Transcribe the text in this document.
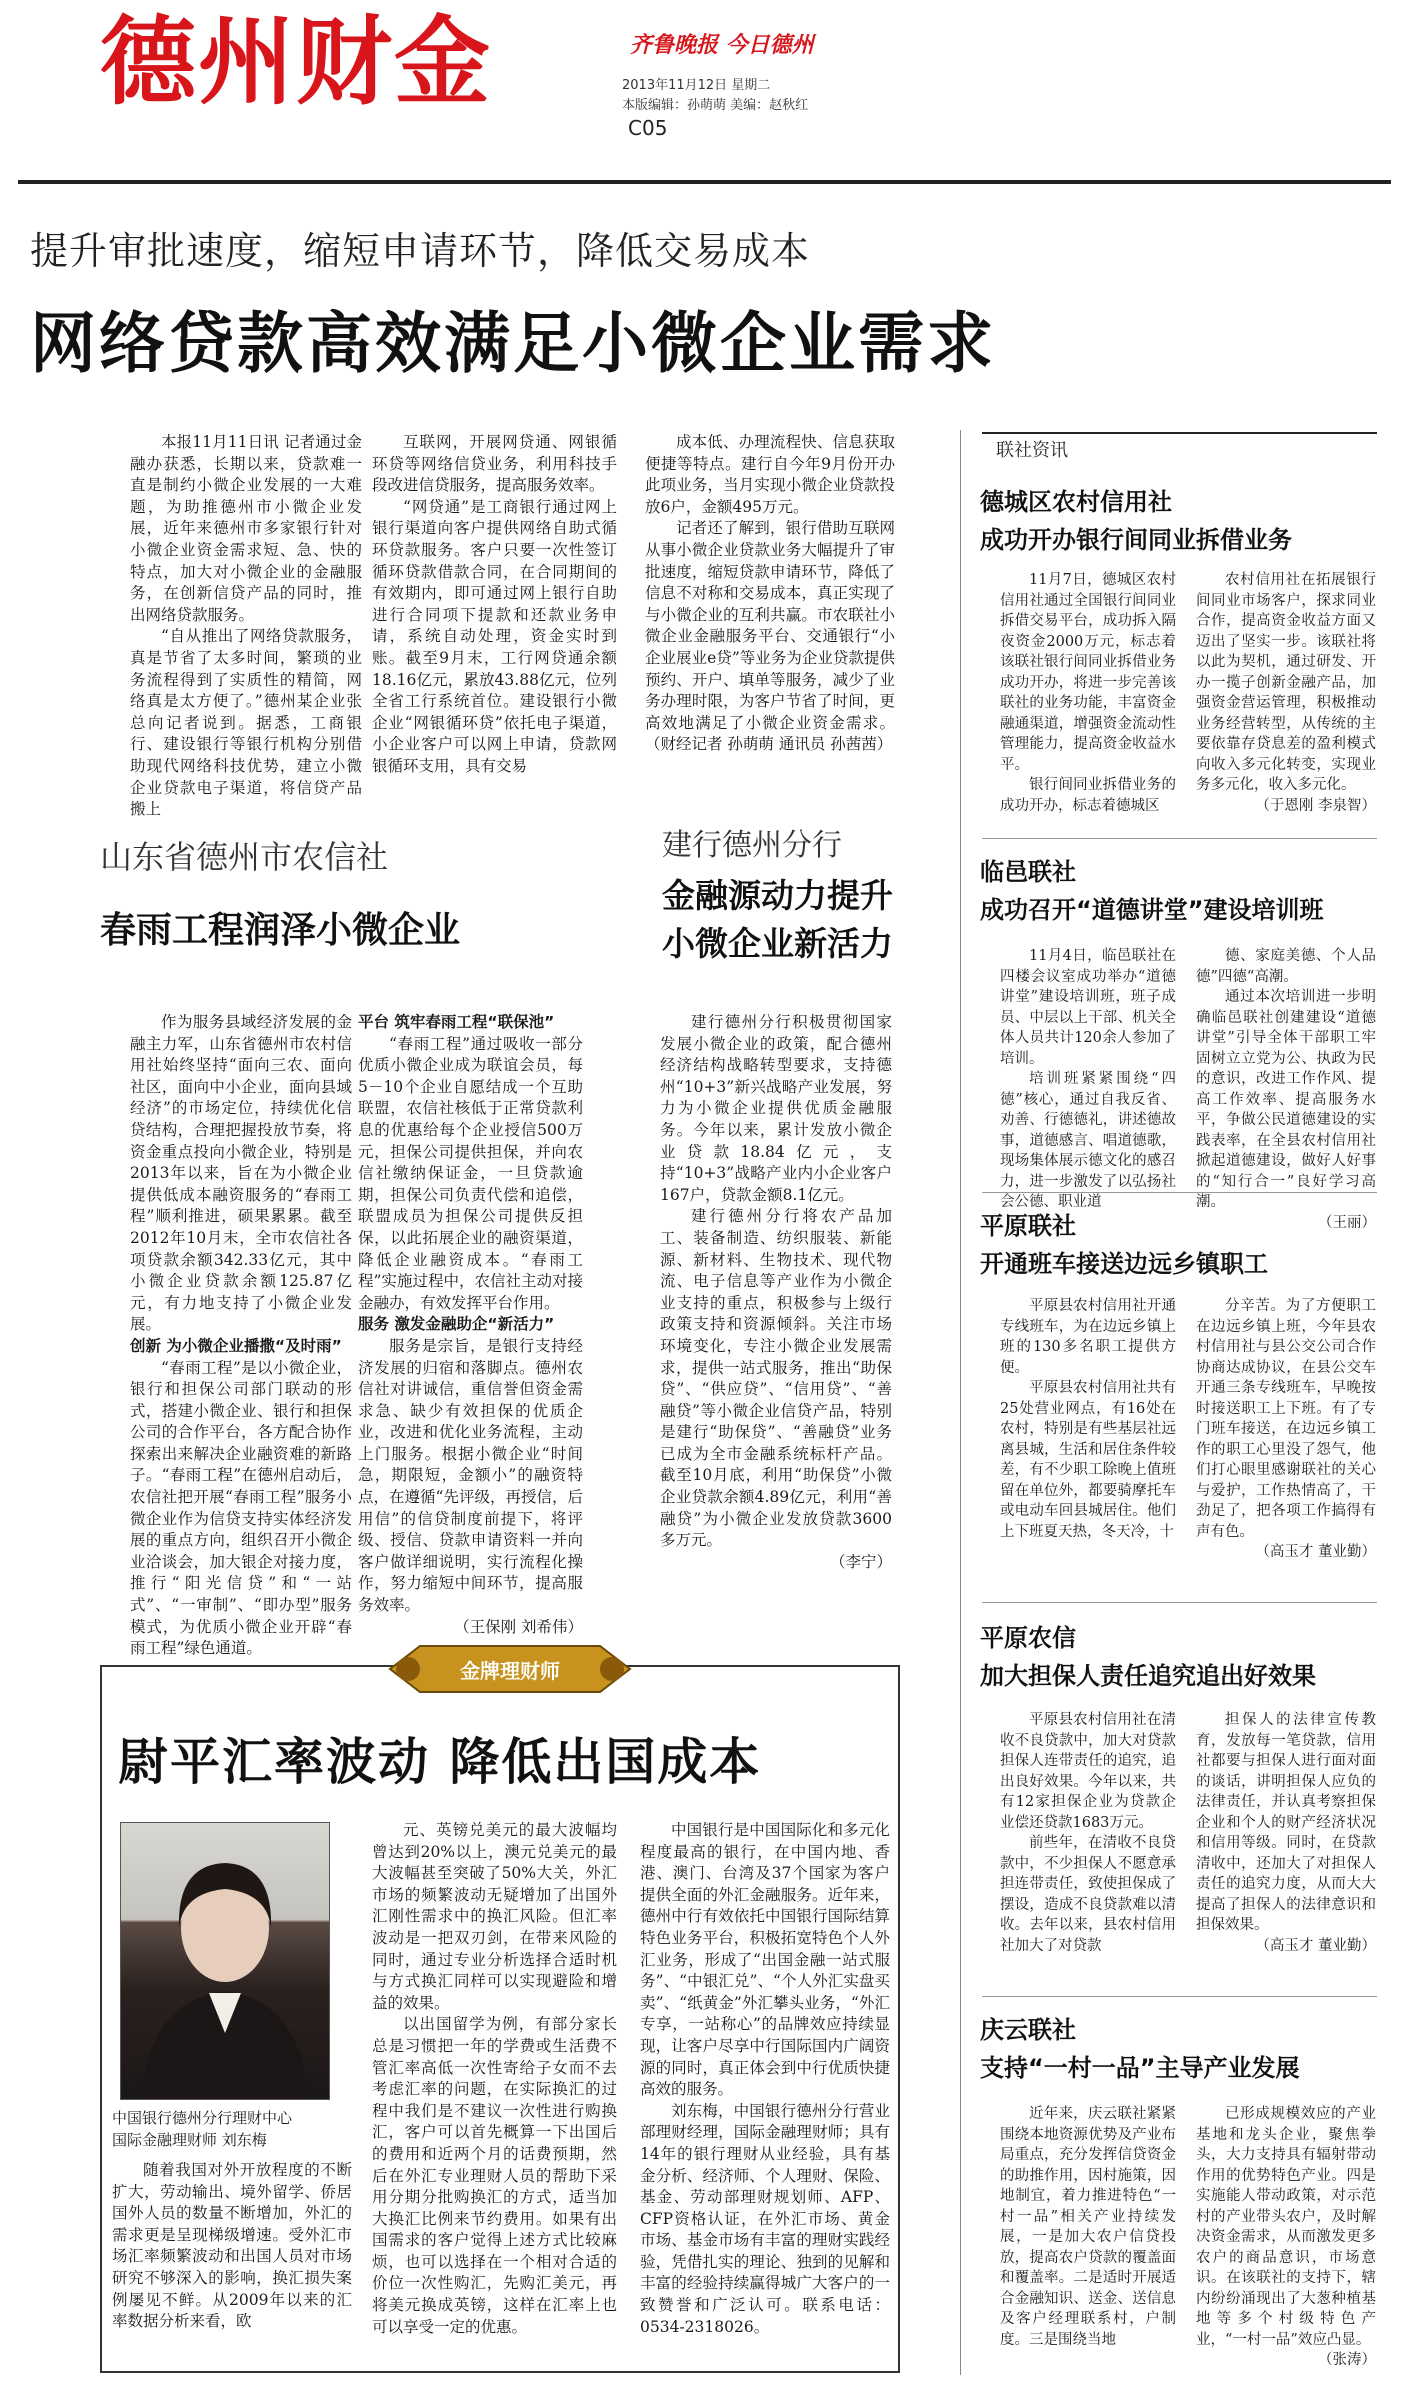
德州财金	齐鲁晚报 今日德州
2013年11月12日 星期二
本版编辑：孙萌萌 美编：赵秋红
C05
提升审批速度，缩短申请环节，降低交易成本
网络贷款高效满足小微企业需求

本报11月11日讯 记者通过金融办获悉，长期以来，贷款难一直是制约小微企业发展的一大难题，为助推德州市小微企业发展，近年来德州市多家银行针对小微企业资金需求短、急、快的特点，加大对小微企业的金融服务，在创新信贷产品的同时，推出网络贷款服务。

“自从推出了网络贷款服务，真是节省了太多时间，繁琐的业务流程得到了实质性的精简，网络真是太方便了。”德州某企业张总向记者说到。据悉，工商银行、建设银行等银行机构分别借助现代网络科技优势，建立小微企业贷款电子渠道，将信贷产品搬上

互联网，开展网贷通、网银循环贷等网络信贷业务，利用科技手段改进信贷服务，提高服务效率。

“网贷通”是工商银行通过网上银行渠道向客户提供网络自助式循环贷款服务。客户只要一次性签订循环贷款借款合同，在合同期间的有效期内，即可通过网上银行自助进行合同项下提款和还款业务申请，系统自动处理，资金实时到账。截至9月末，工行网贷通余额18.16亿元，累放43.88亿元，位列全省工行系统首位。建设银行小微企业“网银循环贷”依托电子渠道，小企业客户可以网上申请，贷款网银循环支用，具有交易

成本低、办理流程快、信息获取便捷等特点。建行自今年9月份开办此项业务，当月实现小微企业贷款投放6户，金额495万元。

记者还了解到，银行借助互联网从事小微企业贷款业务大幅提升了审批速度，缩短贷款申请环节，降低了信息不对称和交易成本，真正实现了与小微企业的互利共赢。市农联社小微企业金融服务平台、交通银行“小企业展业e贷”等业务为企业贷款提供预约、开户、填单等服务，减少了业务办理时限，为客户节省了时间，更高效地满足了小微企业资金需求。（财经记者 孙萌萌 通讯员 孙茜茜）

山东省德州市农信社
春雨工程润泽小微企业

作为服务县域经济发展的金融主力军，山东省德州市农村信用社始终坚持“面向三农、面向社区，面向中小企业，面向县域经济”的市场定位，持续优化信贷结构，合理把握投放节奏，将资金重点投向小微企业，特别是2013年以来，旨在为小微企业提供低成本融资服务的“春雨工程”顺利推进，硕果累累。截至2012年10月末，全市农信社各项贷款余额342.33亿元，其中小微企业贷款余额125.87亿元，有力地支持了小微企业发展。

创新 为小微企业播撒“及时雨”

“春雨工程”是以小微企业，银行和担保公司部门联动的形式，搭建小微企业、银行和担保公司的合作平台，各方配合协作探索出来解决企业融资难的新路子。“春雨工程”在德州启动后，农信社把开展“春雨工程”服务小微企业作为信贷支持实体经济发展的重点方向，组织召开小微企业洽谈会，加大银企对接力度，推行“阳光信贷”和“一站式”、“一审制”、“即办型”服务模式，为优质小微企业开辟“春雨工程”绿色通道。

平台 筑牢春雨工程“联保池”

“春雨工程”通过吸收一部分优质小微企业成为联谊会员，每5－10个企业自愿结成一个互助联盟，农信社核低于正常贷款利息的优惠给每个企业授信500万元，担保公司提供担保，并向农信社缴纳保证金，一旦贷款逾期，担保公司负责代偿和追偿，联盟成员为担保公司提供反担保，以此拓展企业的融资渠道，降低企业融资成本。“春雨工程”实施过程中，农信社主动对接金融办，有效发挥平台作用。

服务 激发金融助企“新活力”

服务是宗旨，是银行支持经济发展的归宿和落脚点。德州农信社对讲诚信，重信誉但资金需求急、缺少有效担保的优质企业，改进和优化业务流程，主动上门服务。根据小微企业“时间急，期限短，金额小”的融资特点，在遵循“先评级，再授信，后用信”的信贷制度前提下，将评级、授信、贷款申请资料一并向客户做详细说明，实行流程化操作，努力缩短中间环节，提高服务效率。

（王保刚 刘希伟）

建行德州分行
金融源动力提升
小微企业新活力

建行德州分行积极贯彻国家发展小微企业的政策，配合德州经济结构战略转型要求，支持德州“10+3”新兴战略产业发展，努力为小微企业提供优质金融服务。今年以来，累计发放小微企业贷款18.84亿元，支持“10+3”战略产业内小企业客户167户，贷款金额8.1亿元。

建行德州分行将农产品加工、装备制造、纺织服装、新能源、新材料、生物技术、现代物流、电子信息等产业作为小微企业支持的重点，积极参与上级行政策支持和资源倾斜。关注市场环境变化，专注小微企业发展需求，提供一站式服务，推出“助保贷”、“供应贷”、“信用贷”、“善融贷”等小微企业信贷产品，特别是建行“助保贷”、“善融贷”业务已成为全市金融系统标杆产品。截至10月底，利用“助保贷”小微企业贷款余额4.89亿元，利用“善融贷”为小微企业发放贷款3600多万元。

（李宁）

金牌理财师
尉平汇率波动 降低出国成本
中国银行德州分行理财中心
国际金融理财师 刘东梅

随着我国对外开放程度的不断扩大，劳动输出、境外留学、侨居国外人员的数量不断增加，外汇的需求更是呈现梯级增速。受外汇市场汇率频繁波动和出国人员对市场研究不够深入的影响，换汇损失案例屡见不鲜。从2009年以来的汇率数据分析来看，欧

元、英镑兑美元的最大波幅均曾达到20%以上，澳元兑美元的最大波幅甚至突破了50%大关，外汇市场的频繁波动无疑增加了出国外汇刚性需求中的换汇风险。但汇率波动是一把双刃剑，在带来风险的同时，通过专业分析选择合适时机与方式换汇同样可以实现避险和增益的效果。

以出国留学为例，有部分家长总是习惯把一年的学费或生活费不管汇率高低一次性寄给子女而不去考虑汇率的问题，在实际换汇的过程中我们是不建议一次性进行购换汇，客户可以首先概算一下出国后的费用和近两个月的话费预期，然后在外汇专业理财人员的帮助下采用分期分批购换汇的方式，适当加大换汇比例来节约费用。如果有出国需求的客户觉得上述方式比较麻烦，也可以选择在一个相对合适的价位一次性购汇，先购汇美元，再将美元换成英镑，这样在汇率上也可以享受一定的优惠。

中国银行是中国国际化和多元化程度最高的银行，在中国内地、香港、澳门、台湾及37个国家为客户提供全面的外汇金融服务。近年来，德州中行有效依托中国银行国际结算特色业务平台，积极拓宽特色个人外汇业务，形成了“出国金融一站式服务”、“中银汇兑”、“个人外汇实盘买卖”、“纸黄金”外汇攀头业务，“外汇专享，一站称心”的品牌效应持续显现，让客户尽享中行国际国内广阔资源的同时，真正体会到中行优质快捷高效的服务。

刘东梅，中国银行德州分行营业部理财经理，国际金融理财师；具有14年的银行理财从业经验，具有基金分析、经济师、个人理财、保险、基金、劳动部理财规划师、AFP、CFP资格认证，在外汇市场、黄金市场、基金市场有丰富的理财实践经验，凭借扎实的理论、独到的见解和丰富的经验持续赢得城广大客户的一致赞誉和广泛认可。联系电话：0534-2318026。

联社资讯
德城区农村信用社
成功开办银行间同业拆借业务

11月7日，德城区农村信用社通过全国银行间同业拆借交易平台，成功拆入隔夜资金2000万元，标志着该联社银行间同业拆借业务成功开办，将进一步完善该联社的业务功能，丰富资金融通渠道，增强资金流动性管理能力，提高资金收益水平。

银行间同业拆借业务的成功开办，标志着德城区

农村信用社在拓展银行间同业市场客户，探求同业合作，提高资金收益方面又迈出了坚实一步。该联社将以此为契机，通过研发、开办一揽子创新金融产品，加强资金营运管理，积极推动业务经营转型，从传统的主要依靠存贷息差的盈利模式向收入多元化转变，实现业务多元化，收入多元化。

（于恩刚 李泉智）

临邑联社
成功召开“道德讲堂”建设培训班

11月4日，临邑联社在四楼会议室成功举办“道德讲堂”建设培训班，班子成员、中层以上干部、机关全体人员共计120余人参加了培训。

培训班紧紧围绕“四德”核心，通过自我反省、劝善、行德德礼，讲述德故事，道德感言、唱道德歌，现场集体展示德文化的感召力，进一步激发了以弘扬社会公德、职业道

德、家庭美德、个人品德”四德“高潮。

通过本次培训进一步明确临邑联社创建建设“道德讲堂”引导全体干部职工牢固树立立党为公、执政为民的意识，改进工作作风、提高工作效率、提高服务水平，争做公民道德建设的实践表率，在全县农村信用社掀起道德建设，做好人好事的“知行合一”良好学习高潮。

（王丽）

平原联社
开通班车接送边远乡镇职工

平原县农村信用社开通专线班车，为在边远乡镇上班的130多名职工提供方便。

平原县农村信用社共有25处营业网点，有16处在农村，特别是有些基层社远离县城，生活和居住条件较差，有不少职工除晚上值班留在单位外，都要骑摩托车或电动车回县城居住。他们上下班夏天热，冬天冷，十

分辛苦。为了方便职工在边远乡镇上班，今年县农村信用社与县公交公司合作协商达成协议，在县公交车开通三条专线班车，早晚按时接送职工上下班。有了专门班车接送，在边远乡镇工作的职工心里没了怨气，他们打心眼里感谢联社的关心与爱护，工作热情高了，干劲足了，把各项工作搞得有声有色。

（高玉才 董业勤）

平原农信
加大担保人责任追究追出好效果

平原县农村信用社在清收不良贷款中，加大对贷款担保人连带责任的追究，追出良好效果。今年以来，共有12家担保企业为贷款企业偿还贷款1683万元。

前些年，在清收不良贷款中，不少担保人不愿意承担连带责任，致使担保成了摆设，造成不良贷款难以清收。去年以来，县农村信用社加大了对贷款

担保人的法律宣传教育，发放每一笔贷款，信用社都要与担保人进行面对面的谈话，讲明担保人应负的法律责任，并认真考察担保企业和个人的财产经济状况和信用等级。同时，在贷款清收中，还加大了对担保人责任的追究力度，从而大大提高了担保人的法律意识和担保效果。

（高玉才 董业勤）

庆云联社
支持“一村一品”主导产业发展

近年来，庆云联社紧紧围绕本地资源优势及产业布局重点，充分发挥信贷资金的助推作用，因村施策，因地制宜，着力推进特色“一村一品”相关产业持续发展，一是加大农户信贷投放，提高农户贷款的覆盖面和覆盖率。二是适时开展适合金融知识、送金、送信息及客户经理联系村，户制度。三是围绕当地

已形成规模效应的产业基地和龙头企业，聚焦拳头，大力支持具有辐射带动作用的优势特色产业。四是实施能人带动政策，对示范村的产业带头农户，及时解决资金需求，从而激发更多农户的商品意识，市场意识。在该联社的支持下，辖内纷纷涌现出了大葱种植基地等多个村级特色产业，“一村一品”效应凸显。

（张涛）
